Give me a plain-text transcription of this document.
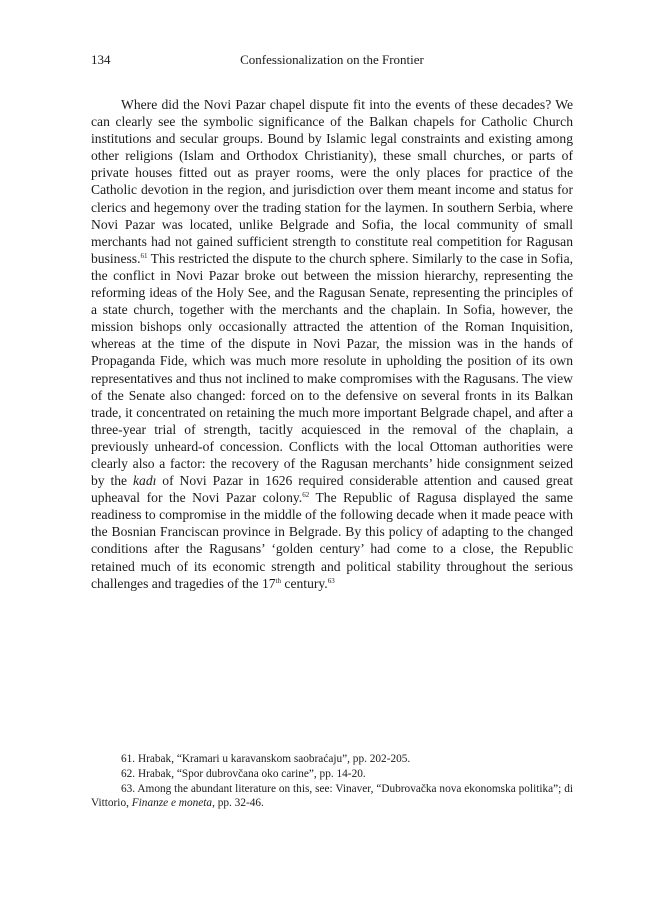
134	Confessionalization on the Frontier

Where did the Novi Pazar chapel dispute fit into the events of these decades? We can clearly see the symbolic significance of the Balkan chapels for Catholic Church institutions and secular groups. Bound by Islamic legal constraints and existing among other religions (Islam and Orthodox Christianity), these small churches, or parts of private houses fitted out as prayer rooms, were the only places for practice of the Catholic devotion in the region, and jurisdiction over them meant income and status for clerics and hegemony over the trading station for the laymen. In southern Serbia, where Novi Pazar was located, unlike Belgrade and Sofia, the local community of small merchants had not gained sufficient strength to constitute real competition for Ragusan business.$^{61}$ This restricted the dispute to the church sphere. Similarly to the case in Sofia, the conflict in Novi Pazar broke out between the mission hierarchy, representing the reforming ideas of the Holy See, and the Ragusan Senate, representing the principles of a state church, together with the merchants and the chaplain. In Sofia, however, the mission bishops only occasionally attracted the attention of the Roman Inquisition, whereas at the time of the dispute in Novi Pazar, the mission was in the hands of Propaganda Fide, which was much more resolute in upholding the position of its own representatives and thus not inclined to make compromises with the Ragusans. The view of the Senate also changed: forced on to the defensive on several fronts in its Balkan trade, it concentrated on retaining the much more important Belgrade chapel, and after a three-year trial of strength, tacitly acquiesced in the removal of the chaplain, a previously unheard-of concession. Conflicts with the local Ottoman authorities were clearly also a factor: the recovery of the Ragusan merchants’ hide consignment seized by the kadı of Novi Pazar in 1626 required considerable attention and caused great upheaval for the Novi Pazar colony.$^{62}$ The Republic of Ragusa displayed the same readiness to compromise in the middle of the following decade when it made peace with the Bosnian Franciscan province in Belgrade. By this policy of adapting to the changed conditions after the Ragusans’ ‘golden century’ had come to a close, the Republic retained much of its economic strength and political stability throughout the serious challenges and tragedies of the 17th century.$^{63}$

61. Hrabak, “Kramari u karavanskom saobraćaju”, pp. 202-205.

62. Hrabak, “Spor dubrovčana oko carine”, pp. 14-20.

63. Among the abundant literature on this, see: Vinaver, “Dubrovačka nova ekonomska politika”; di Vittorio, Finanze e moneta, pp. 32-46.
